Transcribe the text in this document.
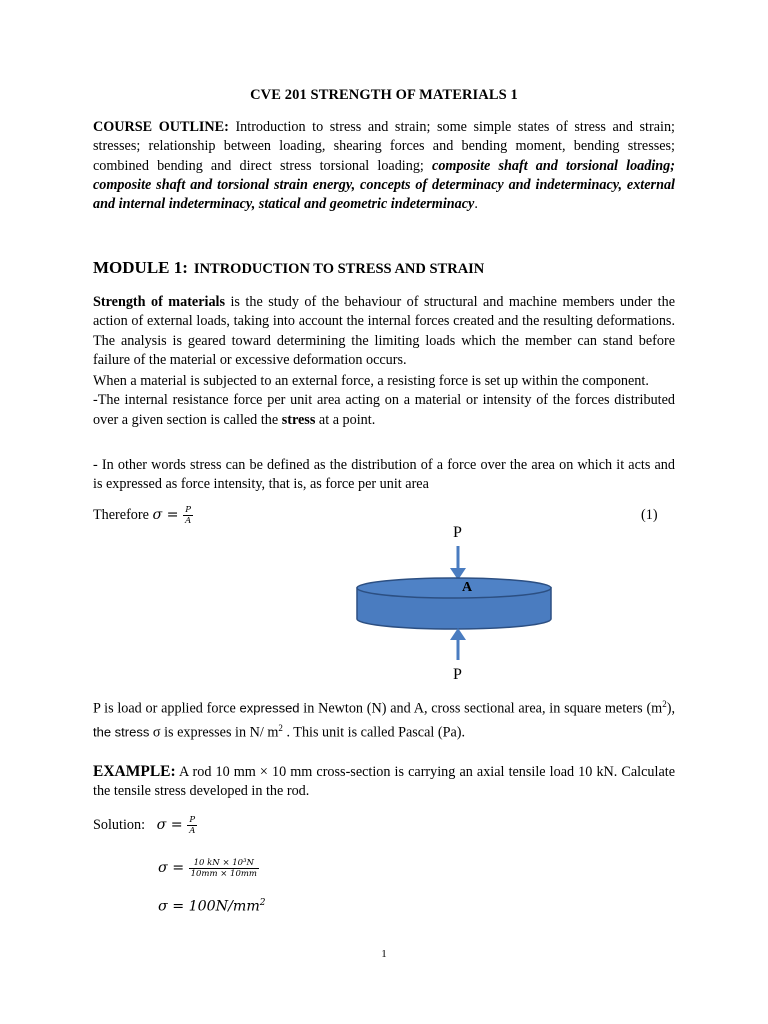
CVE 201 STRENGTH OF MATERIALS 1
COURSE OUTLINE: Introduction to stress and strain; some simple states of stress and strain; stresses; relationship between loading, shearing forces and bending moment, bending stresses; combined bending and direct stress torsional loading; composite shaft and torsional loading; composite shaft and torsional strain energy, concepts of determinacy and indeterminacy, external and internal indeterminacy, statical and geometric indeterminacy.
MODULE 1: INTRODUCTION TO STRESS AND STRAIN
Strength of materials is the study of the behaviour of structural and machine members under the action of external loads, taking into account the internal forces created and the resulting deformations. The analysis is geared toward determining the limiting loads which the member can stand before failure of the material or excessive deformation occurs.
When a material is subjected to an external force, a resisting force is set up within the component.
-The internal resistance force per unit area acting on a material or intensity of the forces distributed over a given section is called the stress at a point.
- In other words stress can be defined as the distribution of a force over the area on which it acts and is expressed as force intensity, that is, as force per unit area
Therefore $\sigma = \frac{P}{A}$	(1)
P
A
P
P is load or applied force expressed in Newton (N) and A, cross sectional area, in square meters $(m^2)$, the stress σ is expresses in N/ $m^2$ . This unit is called Pascal (Pa).
EXAMPLE: A rod 10 mm × 10 mm cross-section is carrying an axial tensile load 10 kN. Calculate the tensile stress developed in the rod.
Solution: $\sigma = \frac{P}{A}$
$\sigma = \frac{\text{10 kN × 10³N}}{10mm \times 10mm}$
$\sigma = 100N/mm^2$
1
